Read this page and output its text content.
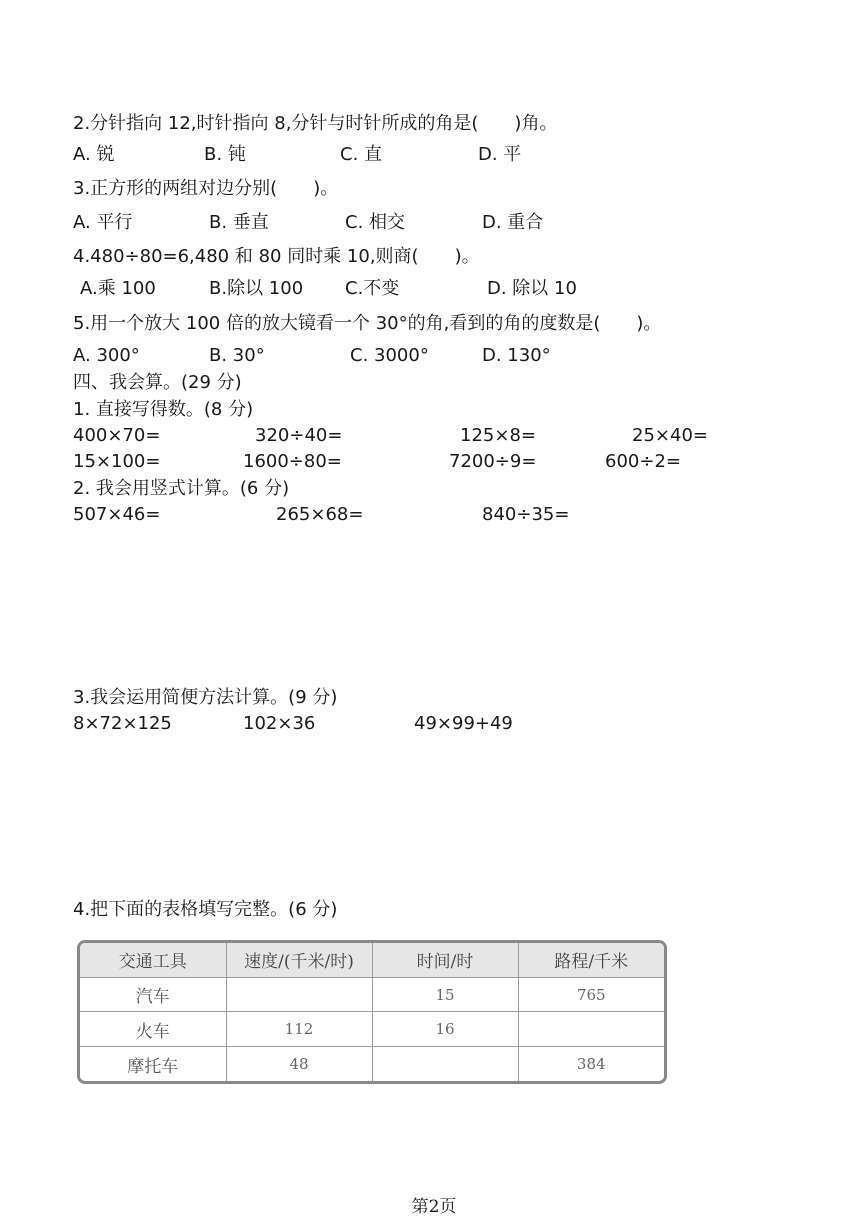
2.分针指向 12,时针指向 8,分针与时针所成的角是(　　)角。
A. 锐	B. 钝	C. 直	D. 平
3.正方形的两组对边分别(　　)。
A. 平行	B. 垂直	C. 相交	D. 重合
4.480÷80=6,480 和 80 同时乘 10,则商(　　)。
A.乘 100	B.除以 100 C.不变	D. 除以 10
5.用一个放大 100 倍的放大镜看一个 30°的角,看到的角的度数是(　　)。
A. 300°	B. 30°	C. 3000°	D. 130°
四、我会算。(29 分)
1. 直接写得数。(8 分)
400×70=	320÷40=	125×8=	25×40=
15×100=	1600÷80=	7200÷9=	600÷2=
2. 我会用竖式计算。(6 分)
507×46=	265×68=	840÷35=
3.我会运用简便方法计算。(9 分)
8×72×125	102×36	49×99+49
4.把下面的表格填写完整。(6 分)
交通工具	速度/(千米/时)	时间/时	路程/千米
汽车		15	765
火车	112	16	
摩托车	48		384
第2页
